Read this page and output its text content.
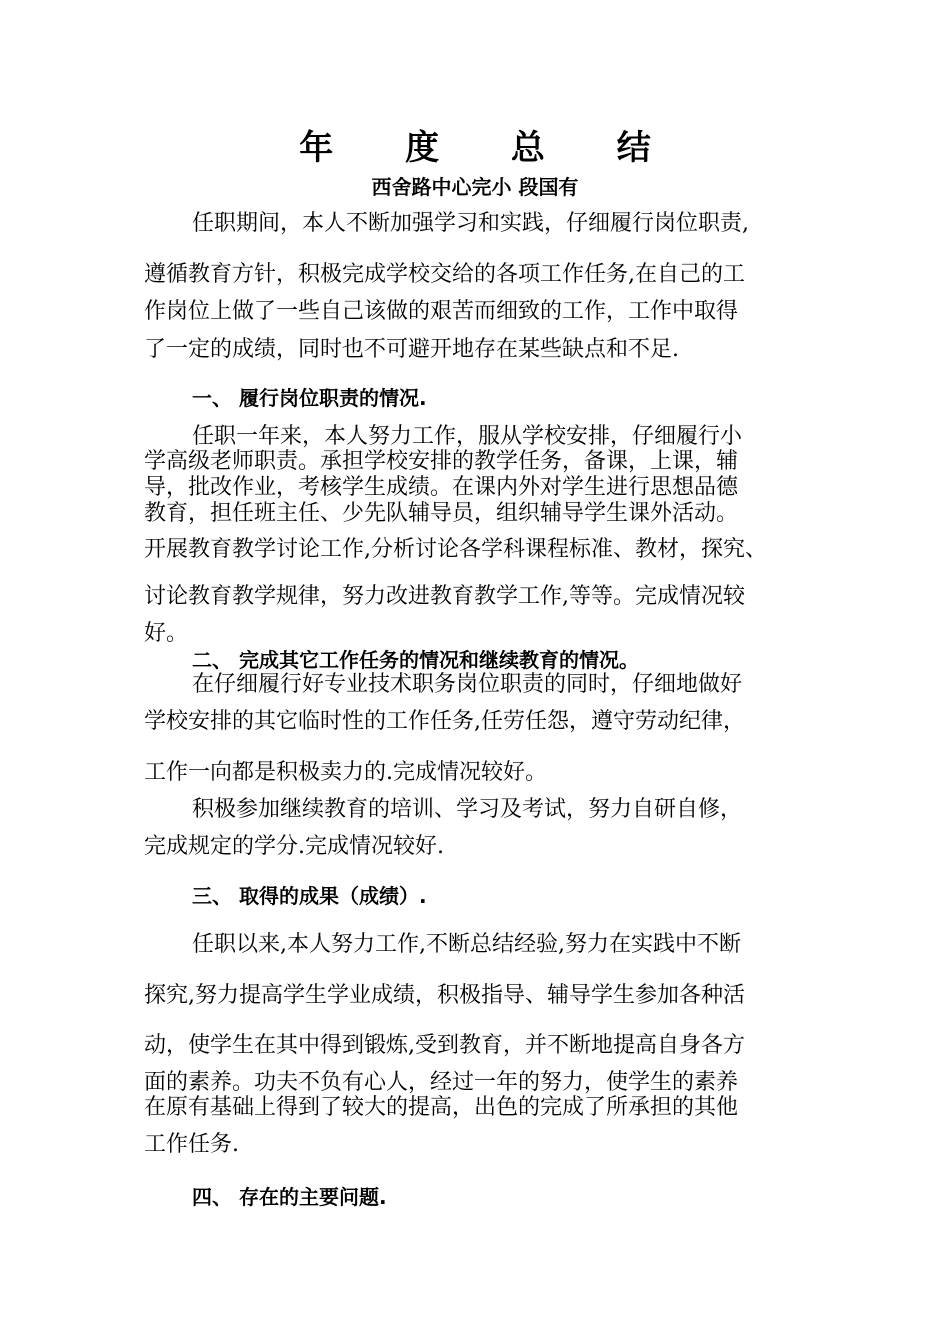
年 度 总 结
西舍路中心完小 段国有
任职期间，本人不断加强学习和实践，仔细履行岗位职责,
遵循教育方针，积极完成学校交给的各项工作任务,在自己的工
作岗位上做了一些自己该做的艰苦而细致的工作，工作中取得
了一定的成绩，同时也不可避开地存在某些缺点和不足.
一、 履行岗位职责的情况.
任职一年来，本人努力工作，服从学校安排，仔细履行小
学高级老师职责。承担学校安排的教学任务，备课，上课，辅
导，批改作业，考核学生成绩。在课内外对学生进行思想品德
教育，担任班主任、少先队辅导员，组织辅导学生课外活动。
开展教育教学讨论工作,分析讨论各学科课程标准、教材，探究、
讨论教育教学规律，努力改进教育教学工作,等等。完成情况较
好。
二、 完成其它工作任务的情况和继续教育的情况。
在仔细履行好专业技术职务岗位职责的同时，仔细地做好
学校安排的其它临时性的工作任务,任劳任怨，遵守劳动纪律，
工作一向都是积极卖力的.完成情况较好。
积极参加继续教育的培训、学习及考试，努力自研自修，
完成规定的学分.完成情况较好.
三、 取得的成果（成绩）.
任职以来,本人努力工作,不断总结经验,努力在实践中不断
探究,努力提高学生学业成绩，积极指导、辅导学生参加各种活
动，使学生在其中得到锻炼,受到教育，并不断地提高自身各方
面的素养。功夫不负有心人，经过一年的努力，使学生的素养
在原有基础上得到了较大的提高，出色的完成了所承担的其他
工作任务.
四、 存在的主要问题.
